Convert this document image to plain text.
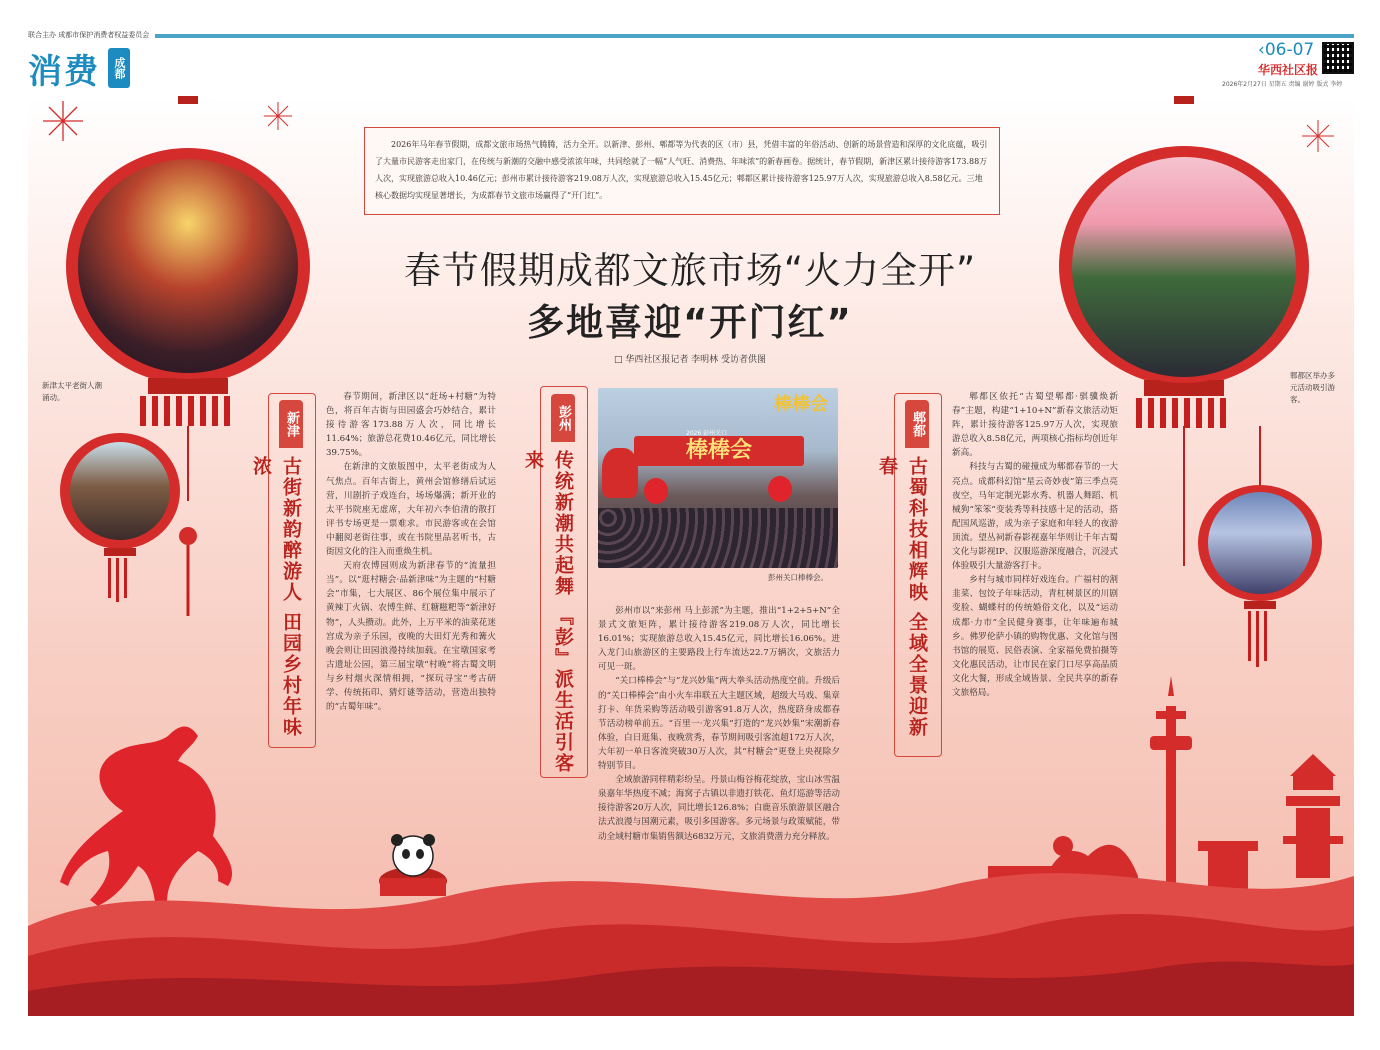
联合主办 成都市保护消费者权益委员会
消费 成都
‹06-07
华西社区报
2026年2月27日 星期五 责编 谢婷 版式 李婷
新津太平老街人潮涌动。
郫都区举办多元活动吸引游客。
2026年马年春节假期，成都文旅市场热气腾腾，活力全开。以新津、彭州、郫都等为代表的区（市）县，凭借丰富的年俗活动、创新的场景营造和深厚的文化底蕴，吸引了大量市民游客走出家门，在传统与新潮的交融中感受浓浓年味，共同绘就了一幅“人气旺、消费热、年味浓”的新春画卷。据统计，春节假期，新津区累计接待游客173.88万人次，实现旅游总收入10.46亿元；彭州市累计接待游客219.08万人次，实现旅游总收入15.45亿元；郫都区累计接待游客125.97万人次，实现旅游总收入8.58亿元。三地核心数据均实现显著增长，为成都春节文旅市场赢得了“开门红”。
春节假期成都文旅市场“火力全开”
多地喜迎“开门红”
□ 华西社区报记者 李明林 受访者供图
新津
古街新韵醉游人 田园乡村年味浓

春节期间，新津区以“赶场+村糖”为特色，将百年古街与田园盛会巧妙结合，累计接待游客173.88万人次，同比增长11.64%；旅游总花费10.46亿元，同比增长39.75%。

在新津的文旅版图中，太平老街成为人气焦点。百年古街上，黄州会馆修缮后试运营，川剧折子戏连台，场场爆满；新开业的太平书院座无虚席，大年初六李伯清的散打评书专场更是一票难求。市民游客或在会馆中翻阅老街往事，或在书院里品茗听书，古街因文化的注入而重焕生机。

天府农博园则成为新津春节的“流量担当”。以“逛村糖会·品新津味”为主题的“村糖会”市集，七大展区、86个展位集中展示了黄辣丁火锅、农博生鲜、红糖糍粑等“新津好物”，人头攒动。此外，上万平米的油菜花迷宫成为亲子乐园，夜晚的大田灯光秀和篝火晚会则让田园浪漫持续加载。在宝墩国家考古遗址公园，第三届宝墩“村晚”将古蜀文明与乡村烟火深情相拥，“探玩寻宝”考古研学、传统拓印、猜灯谜等活动，营造出独特的“古蜀年味”。

彭州
传统新潮共起舞 『彭』派生活引客来	棒棒会
2026 彭州关口
棒棒会
彭州关口棒棒会。

彭州市以“来彭州 马上彭派”为主题，推出“1+2+5+N”全景式文旅矩阵，累计接待游客219.08万人次，同比增长16.01%；实现旅游总收入15.45亿元，同比增长16.06%。进入龙门山旅游区的主要路段上行车流达22.7万辆次，文旅活力可见一斑。

“关口棒棒会”与“龙兴妙集”两大拳头活动热度空前。升级后的“关口棒棒会”由小火车串联五大主题区域，超级大马戏、集章打卡、年货采购等活动吸引游客91.8万人次，热度跻身成都春节活动榜单前五。“百里一·龙兴集”打造的“龙兴妙集”宋潮新春体验，白日逛集、夜晚赏秀，春节期间吸引客流超172万人次，大年初一单日客流突破30万人次，其“村糖会”更登上央视除夕特别节目。

全域旅游同样精彩纷呈。丹景山梅谷梅花绽放，宝山冰雪温泉嘉年华热度不减；海窝子古镇以非遗打铁花、鱼灯巡游等活动接待游客20万人次，同比增长126.8%；白鹿音乐旅游景区融合法式浪漫与国潮元素，吸引多国游客。多元场景与政策赋能，带动全域村糖市集销售额达6832万元，文旅消费潜力充分释放。

郫都
古蜀科技相辉映 全域全景迎新春

郫都区依托“古蜀望郫都·骐骥焕新春”主题，构建“1+10+N”新春文旅活动矩阵，累计接待游客125.97万人次，实现旅游总收入8.58亿元，两项核心指标均创近年新高。

科技与古蜀的碰撞成为郫都春节的一大亮点。成都科幻馆“星云奇妙夜”第三季点亮夜空，马年定制光影水秀、机器人舞蹈、机械狗“笨笨”变装秀等科技感十足的活动，搭配国风巡游，成为亲子家庭和年轻人的夜游顶流。望丛祠新春影视嘉年华则让千年古蜀文化与影视IP、汉服巡游深度融合，沉浸式体验吸引大量游客打卡。

乡村与城市同样好戏连台。广福村的割韭菜、包饺子年味活动，青杠树景区的川剧变脸、蝴蝶村的传统婚俗文化，以及“运动成都·力市”全民健身赛事，让年味遍布城乡。佛罗伦萨小镇的购物优惠、文化馆与图书馆的展览、民俗表演、全家福免费拍摄等文化惠民活动，让市民在家门口尽享高品质文化大餐，形成全域皆景、全民共享的新春文旅格局。
